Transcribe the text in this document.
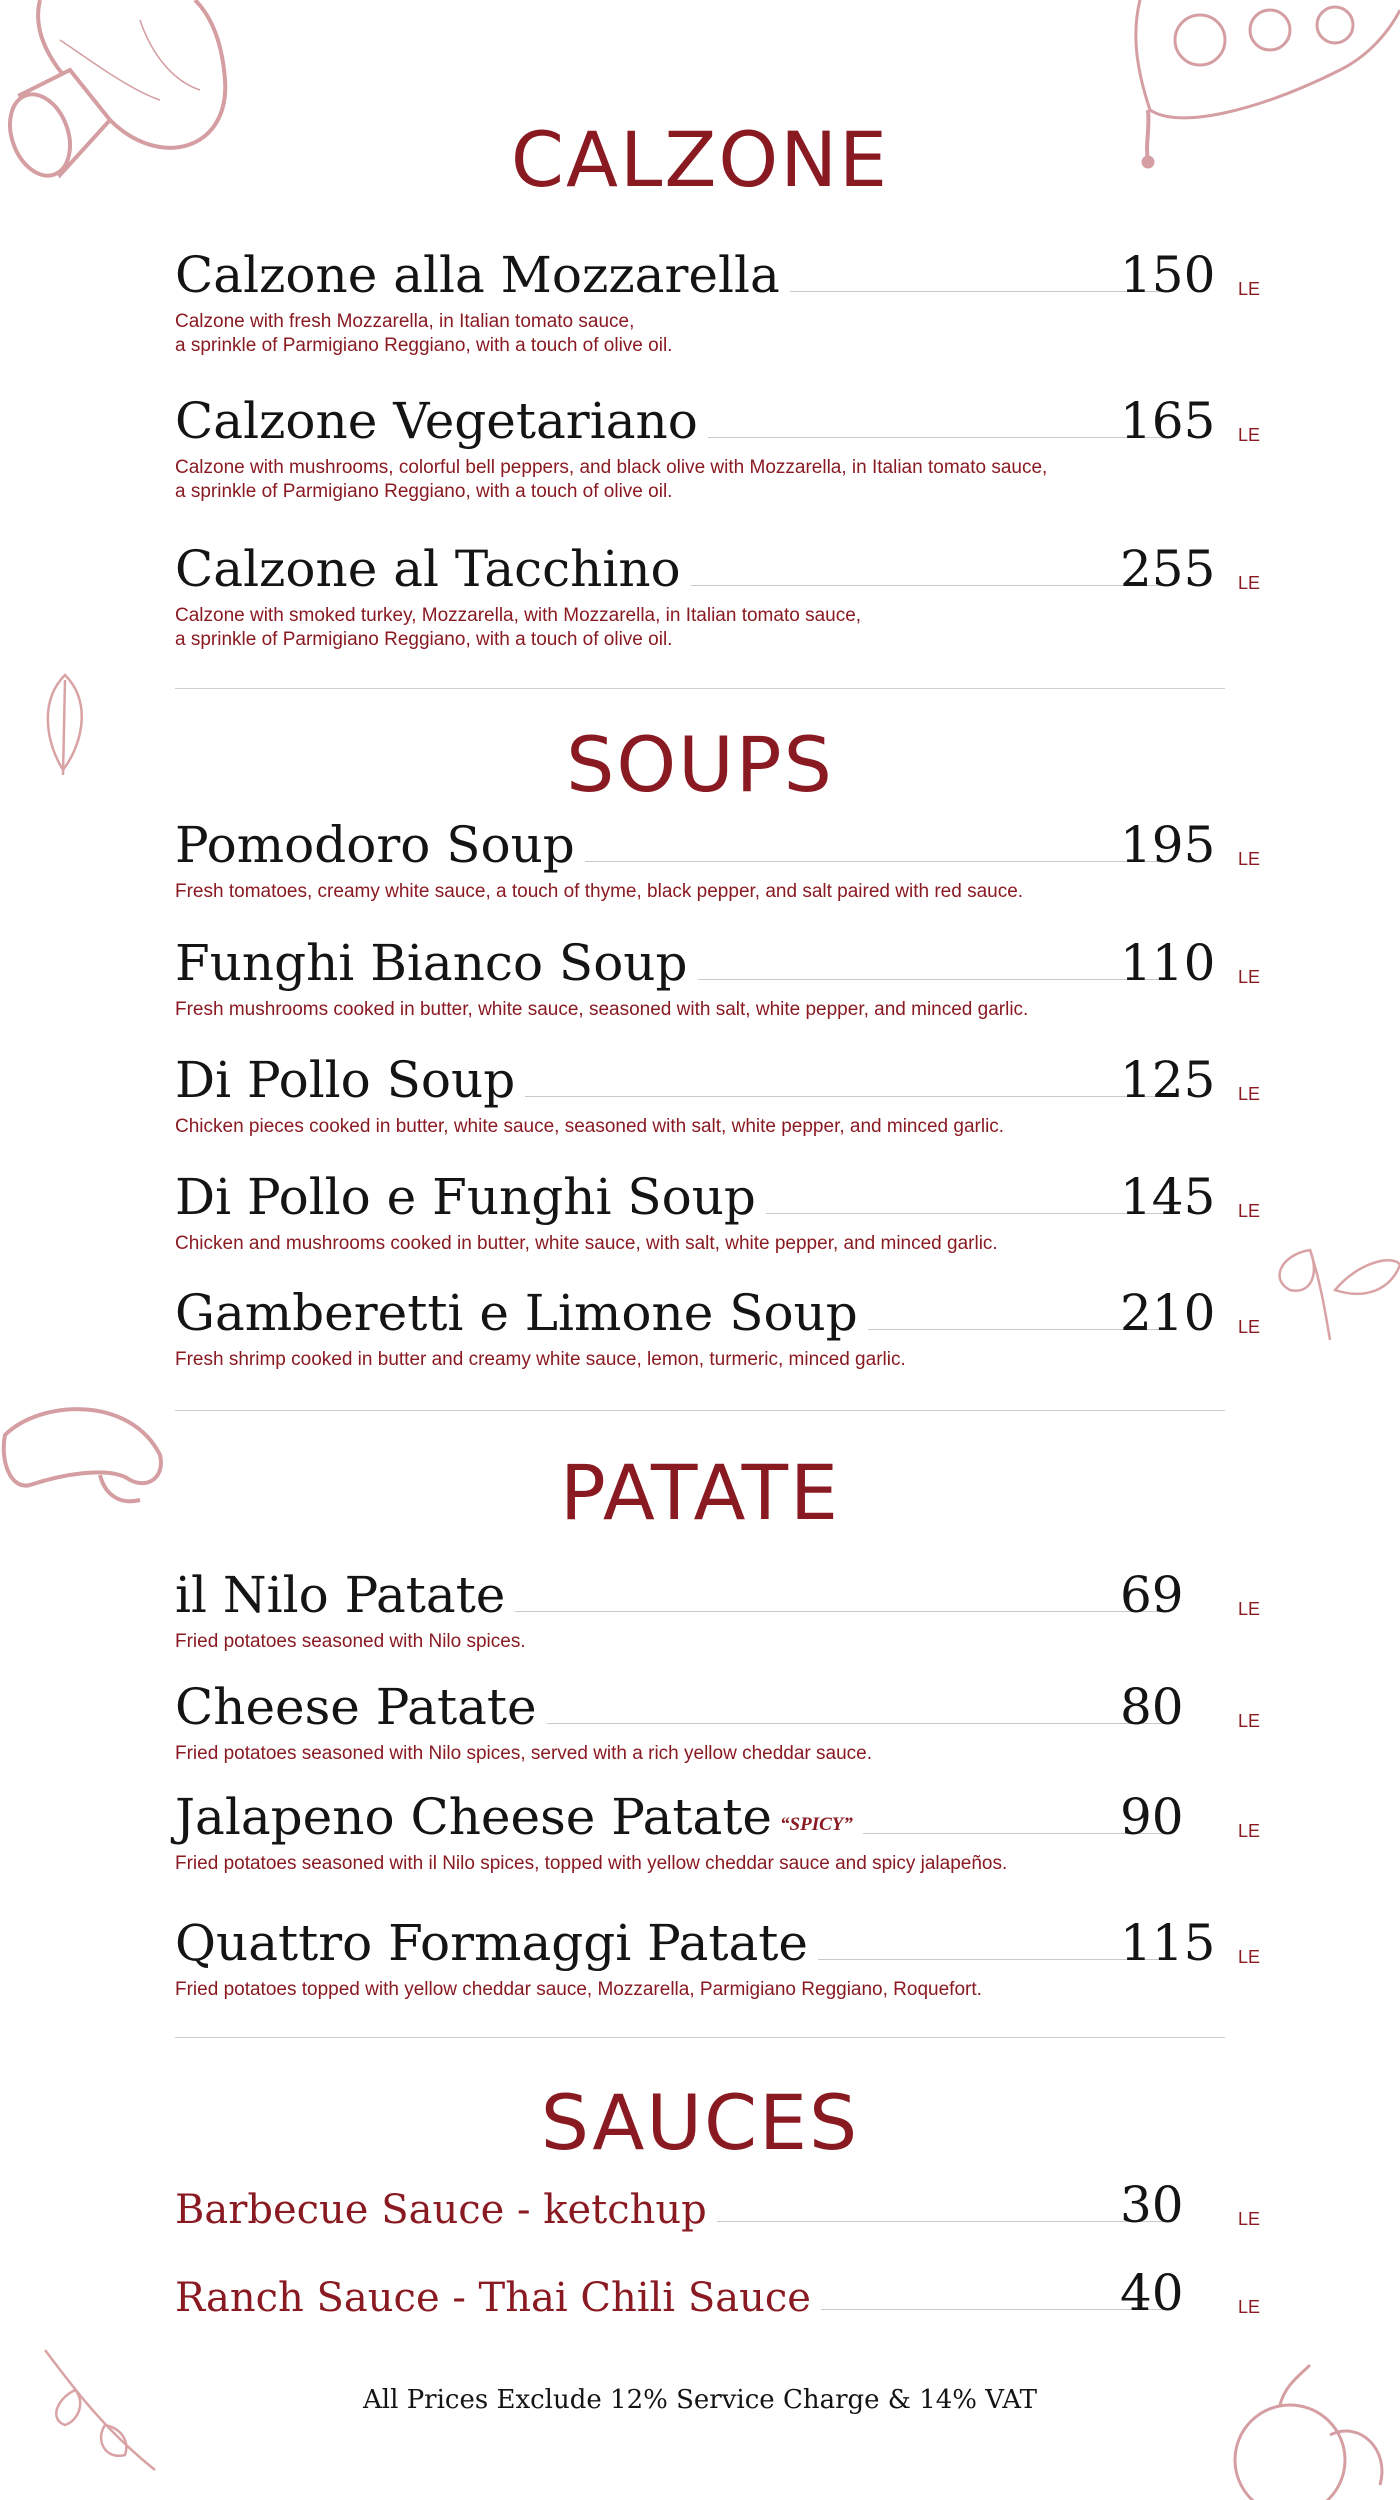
CALZONE
Calzone alla Mozzarella	150 LE
Calzone with fresh Mozzarella, in Italian tomato sauce,
a sprinkle of Parmigiano Reggiano, with a touch of olive oil.
Calzone Vegetariano	165 LE
Calzone with mushrooms, colorful bell peppers, and black olive with Mozzarella, in Italian tomato sauce,
a sprinkle of Parmigiano Reggiano, with a touch of olive oil.
Calzone al Tacchino	255 LE
Calzone with smoked turkey, Mozzarella, with Mozzarella, in Italian tomato sauce,
a sprinkle of Parmigiano Reggiano, with a touch of olive oil.
SOUPS
Pomodoro Soup	195 LE
Fresh tomatoes, creamy white sauce, a touch of thyme, black pepper, and salt paired with red sauce.
Funghi Bianco Soup	110 LE
Fresh mushrooms cooked in butter, white sauce, seasoned with salt, white pepper, and minced garlic.
Di Pollo Soup	125 LE
Chicken pieces cooked in butter, white sauce, seasoned with salt, white pepper, and minced garlic.
Di Pollo e Funghi Soup	145 LE
Chicken and mushrooms cooked in butter, white sauce, with salt, white pepper, and minced garlic.
Gamberetti e Limone Soup	210 LE
Fresh shrimp cooked in butter and creamy white sauce, lemon, turmeric, minced garlic.
PATATE
il Nilo Patate	69	LE
Fried potatoes seasoned with Nilo spices.
Cheese Patate	80	LE
Fried potatoes seasoned with Nilo spices, served with a rich yellow cheddar sauce.
Jalapeno Cheese Patate “SPICY”	90	LE
Fried potatoes seasoned with il Nilo spices, topped with yellow cheddar sauce and spicy jalapeños.
Quattro Formaggi Patate	115 LE
Fried potatoes topped with yellow cheddar sauce, Mozzarella, Parmigiano Reggiano, Roquefort.
SAUCES
Barbecue Sauce - ketchup	30	LE
Ranch Sauce - Thai Chili Sauce	40	LE
All Prices Exclude 12% Service Charge & 14% VAT
